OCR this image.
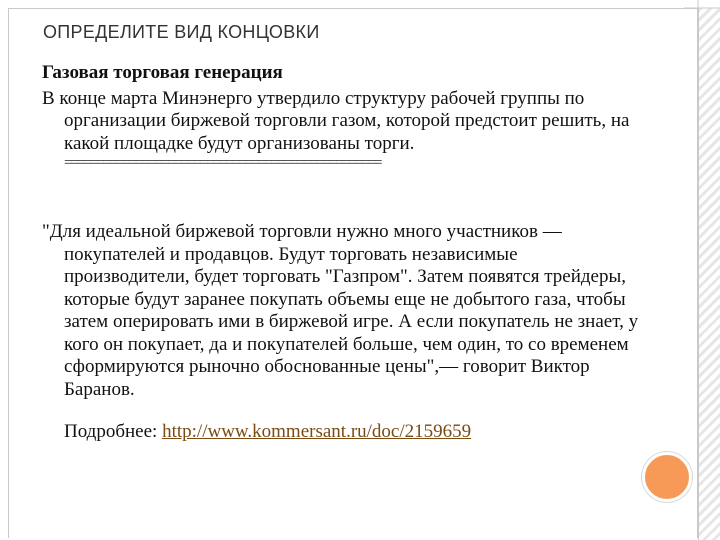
ОПРЕДЕЛИТЕ ВИД КОНЦОВКИ

Газовая торговая генерация

В конце марта Минэнерго утвердило структуру рабочей группы по организации биржевой торговли газом, которой предстоит решить, на какой площадке будут организованы торги.

=================================================

"Для идеальной биржевой торговли нужно много участников — покупателей и продавцов. Будут торговать независимые производители, будет торговать "Газпром". Затем появятся трейдеры, которые будут заранее покупать объемы еще не добытого газа, чтобы затем оперировать ими в биржевой игре. А если покупатель не знает, у кого он покупает, да и покупателей больше, чем один, то со временем сформируются рыночно обоснованные цены",— говорит Виктор Баранов.

Подробнее: http://www.kommersant.ru/doc/2159659
